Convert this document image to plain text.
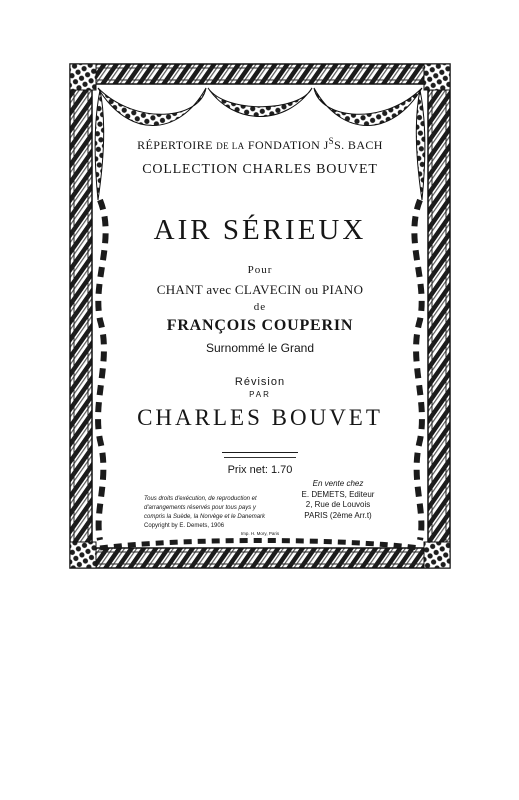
RÉPERTOIRE DE LA FONDATION $J^SS$. BACH
COLLECTION CHARLES BOUVET
AIR SÉRIEUX
Pour
CHANT avec CLAVECIN ou PIANO
de
FRANÇOIS COUPERIN
Surnommé le Grand
Révision
PAR
CHARLES BOUVET
Prix net: 1.70
Tous droits d'exécution, de reproduction et
d'arrangements réservés pour tous pays y
compris la Suède, la Norvège et le Danemark
Copyright by E. Demets, 1906
En vente chez
E. DEMETS, Editeur
2, Rue de Louvois
PARIS (2ème Arr.t)
Imp. H. Mory, Paris
